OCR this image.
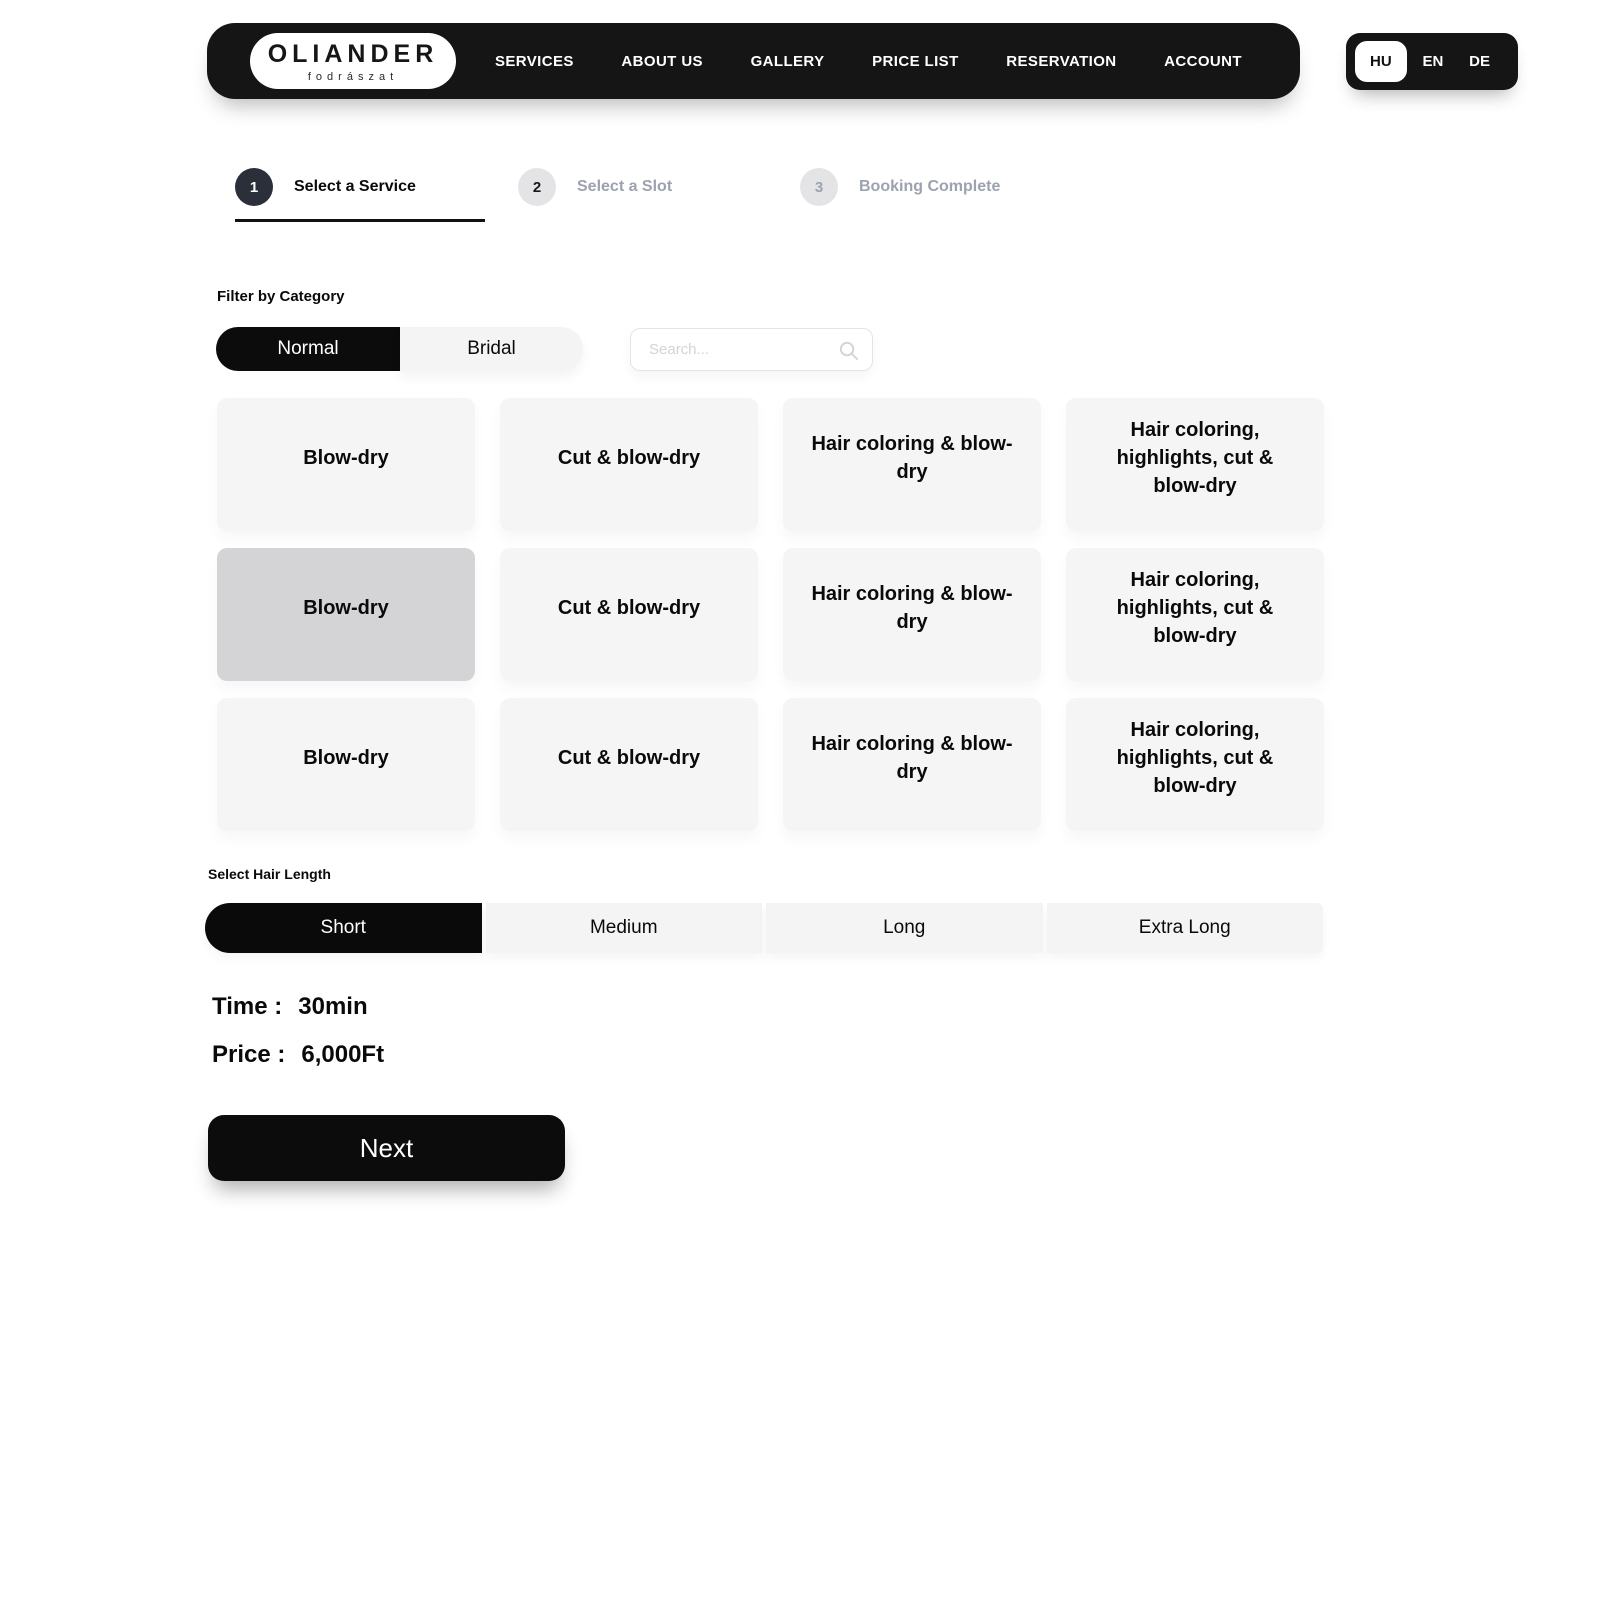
OLIANDER
fodrászat
SERVICES	ABOUT US	GALLERY	PRICE LIST	RESERVATION	ACCOUNT	HU	EN	DE
1	Select a Service	2	Select a Slot	3	Booking Complete
Filter by Category
Normal	Bridal
Search...
Blow-dry	Cut & blow-dry
Hair coloring & blow-dry
Hair coloring, highlights, cut & blow-dry
Blow-dry	Cut & blow-dry
Hair coloring & blow-dry
Hair coloring, highlights, cut & blow-dry
Blow-dry	Cut & blow-dry
Hair coloring & blow-dry
Hair coloring, highlights, cut & blow-dry
Select Hair Length
Short	Medium	Long	Extra Long
Time : 30min
Price : 6,000Ft
Next
